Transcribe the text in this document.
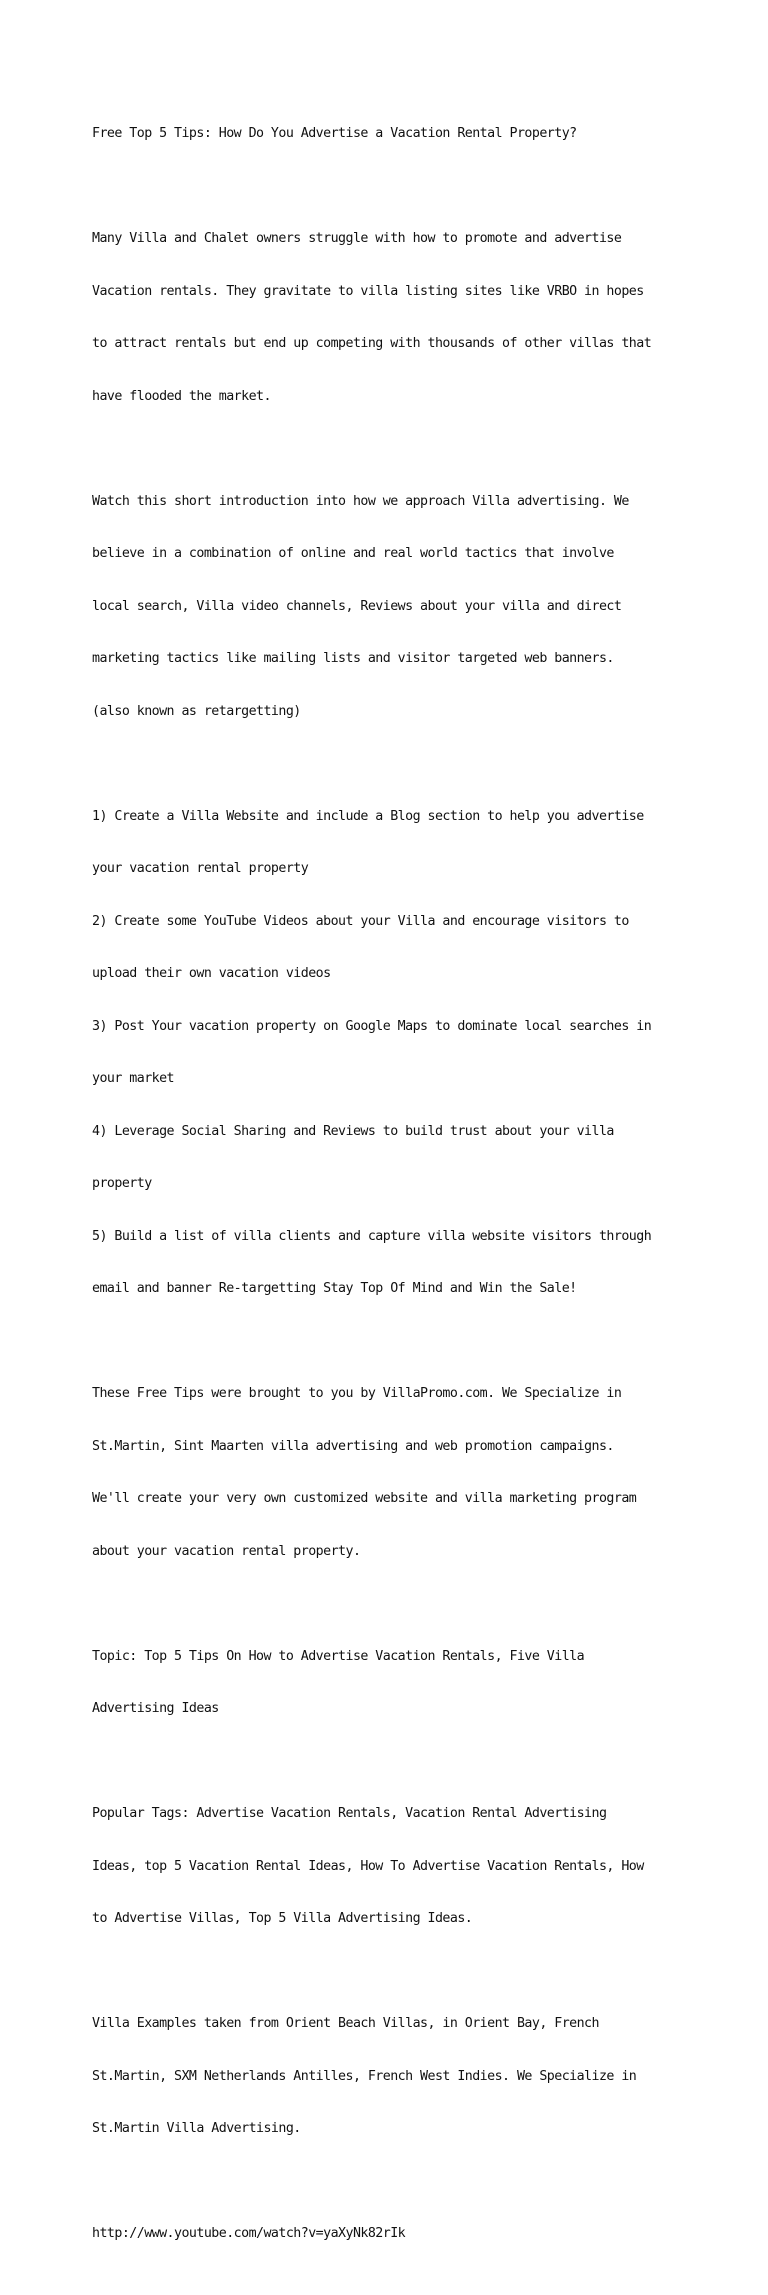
Free Top 5 Tips: How Do You Advertise a Vacation Rental Property?

Many Villa and Chalet owners struggle with how to promote and advertise

Vacation rentals. They gravitate to villa listing sites like VRBO in hopes

to attract rentals but end up competing with thousands of other villas that

have flooded the market.

Watch this short introduction into how we approach Villa advertising. We

believe in a combination of online and real world tactics that involve

local search, Villa video channels, Reviews about your villa and direct

marketing tactics like mailing lists and visitor targeted web banners.

(also known as retargetting)

1) Create a Villa Website and include a Blog section to help you advertise

your vacation rental property

2) Create some YouTube Videos about your Villa and encourage visitors to

upload their own vacation videos

3) Post Your vacation property on Google Maps to dominate local searches in

your market

4) Leverage Social Sharing and Reviews to build trust about your villa

property

5) Build a list of villa clients and capture villa website visitors through

email and banner Re-targetting Stay Top Of Mind and Win the Sale!

These Free Tips were brought to you by VillaPromo.com. We Specialize in

St.Martin, Sint Maarten villa advertising and web promotion campaigns.

We'll create your very own customized website and villa marketing program

about your vacation rental property.

Topic: Top 5 Tips On How to Advertise Vacation Rentals, Five Villa

Advertising Ideas

Popular Tags: Advertise Vacation Rentals, Vacation Rental Advertising

Ideas, top 5 Vacation Rental Ideas, How To Advertise Vacation Rentals, How

to Advertise Villas, Top 5 Villa Advertising Ideas.

Villa Examples taken from Orient Beach Villas, in Orient Bay, French

St.Martin, SXM Netherlands Antilles, French West Indies. We Specialize in

St.Martin Villa Advertising.

http://www.youtube.com/watch?v=yaXyNk82rIk
